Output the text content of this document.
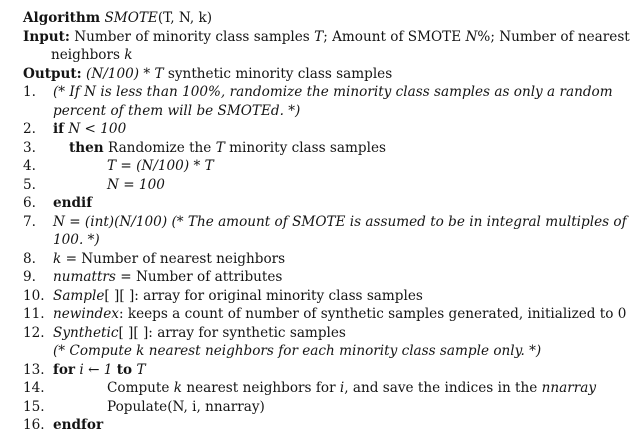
Algorithm SMOTE(T, N, k)
Input: Number of minority class samples T; Amount of SMOTE N%; Number of nearest
neighbors k
Output: (N/100) * T synthetic minority class samples
1.	(* If N is less than 100%, randomize the minority class samples as only a random
percent of them will be SMOTEd. *)
2.	if N < 100
3.	then Randomize the T minority class samples
4.	T = (N/100) * T
5.	N = 100
6.	endif
7.	N = (int)(N/100) (* The amount of SMOTE is assumed to be in integral multiples of
100. *)
8.	k = Number of nearest neighbors
9.	numattrs = Number of attributes
10. Sample[ ][ ]: array for original minority class samples
11. newindex: keeps a count of number of synthetic samples generated, initialized to 0
12. Synthetic[ ][ ]: array for synthetic samples
(* Compute k nearest neighbors for each minority class sample only. *)
13. for i ← 1 to T
14.	Compute k nearest neighbors for i, and save the indices in the nnarray
15.	Populate(N, i, nnarray)
16. endfor
